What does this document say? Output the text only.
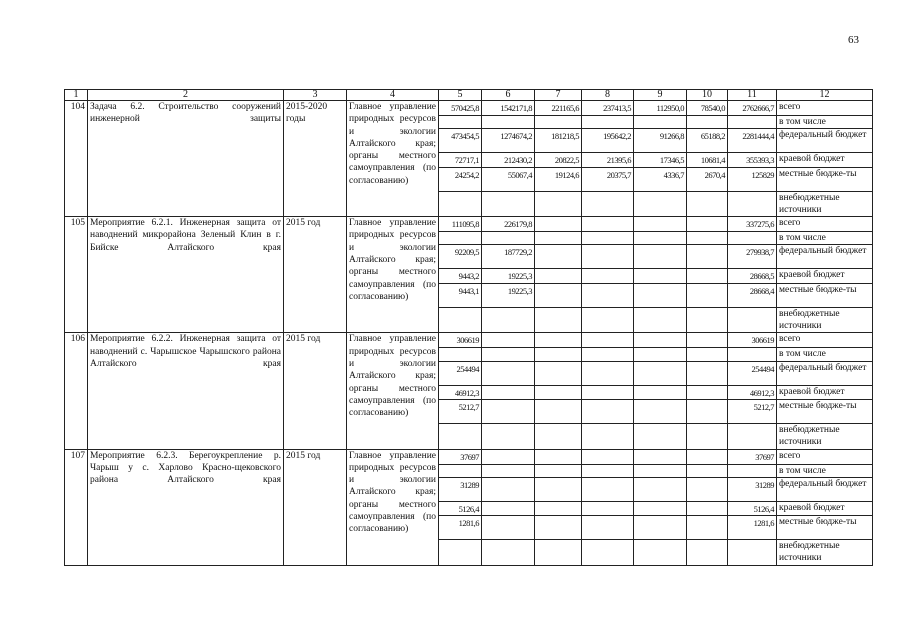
63
1	2	3	4	5	6	7	8	9	10	11	12
104	Задача 6.2. Строительство сооружений инженерной защиты	2015-2020 годы	Главное управление природных ресурсов и экологии Алтайского края; органы местного самоуправления (по согласованию)	570425,8	1542171,8	221165,6	237413,5	112950,0	78540,0	2762666,7	всего
											в том числе
				473454,5	1274674,2	181218,5	195642,2	91266,8	65188,2	2281444,4	федеральный бюджет
				72717,1	212430,2	20822,5	21395,6	17346,5	10681,4	355393,3	краевой бюджет
				24254,2	55067,4	19124,6	20375,7	4336,7	2670,4	125829	местные бюдже-ты
											внебюджетные источники
105	Мероприятие 6.2.1. Инженерная защита от наводнений микрорайона Зеленый Клин в г. Бийске Алтайского края	2015 год	Главное управление природных ресурсов и экологии Алтайского края; органы местного самоуправления (по согласованию)	111095,8	226179,8					337275,6	всего
											в том числе
				92209,5	187729,2					279938,7	федеральный бюджет
				9443,2	19225,3					28668,5	краевой бюджет
				9443,1	19225,3					28668,4	местные бюдже-ты
											внебюджетные источники
106	Мероприятие 6.2.2. Инженерная защита от наводнений с. Чарышское Чарышского района Алтайского края	2015 год	Главное управление природных ресурсов и экологии Алтайского края; органы местного самоуправления (по согласованию)	306619						306619	всего
											в том числе
				254494						254494	федеральный бюджет
				46912,3						46912,3	краевой бюджет
				5212,7						5212,7	местные бюдже-ты
											внебюджетные источники
107	Мероприятие 6.2.3. Берегоукрепление р. Чарыш у с. Харлово Красно-щековского района Алтайского края	2015 год	Главное управление природных ресурсов и экологии Алтайского края; органы местного самоуправления (по согласованию)	37697						37697	всего
											в том числе
				31289						31289	федеральный бюджет
				5126,4						5126,4	краевой бюджет
				1281,6						1281,6	местные бюдже-ты
											внебюджетные источники
